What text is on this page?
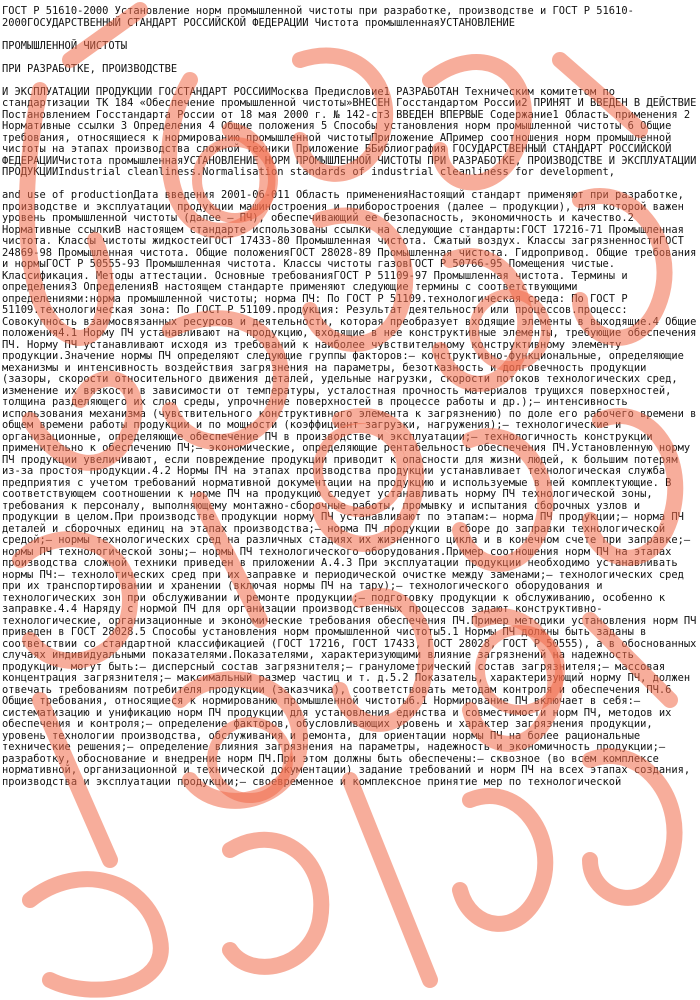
ГОСТ Р 51610-2000 Установление норм промышленной чистоты при разработке, производстве и ГОСТ Р 51610-2000ГОСУДАРСТВЕННЫЙ СТАНДАРТ РОССИЙСКОЙ ФЕДЕРАЦИИ Чистота промышленнаяУСТАНОВЛЕНИЕ

ПРОМЫШЛЕННОЙ ЧИСТОТЫ

ПРИ РАЗРАБОТКЕ, ПРОИЗВОДСТВЕ

И ЭКСПЛУАТАЦИИ ПРОДУКЦИИ ГОССТАНДАРТ РОССИИМосква Предисловие1 РАЗРАБОТАН Техническим комитетом по стандартизации ТК 184 «Обеспечение промышленной чистоты»ВНЕСЕН Госстандартом России2 ПРИНЯТ И ВВЕДЕН В ДЕЙСТВИЕ Постановлением Госстандарта России от 18 мая 2000 г. № 142-ст3 ВВЕДЕН ВПЕРВЫЕ Содержание1 Область применения 2 Нормативные ссылки 3 Определения 4 Общие положения 5 Способы установления норм промышленной чистоты 6 Общие требования, относящиеся к нормированию промышленной чистотыПриложение АПример соотношения норм промышленной чистоты на этапах производства сложной техники Приложение ББиблиография ГОСУДАРСТВЕННЫЙ СТАНДАРТ РОССИЙСКОЙ ФЕДЕРАЦИИЧистота промышленнаяУСТАНОВЛЕНИЕ НОРМ ПРОМЫШЛЕННОЙ ЧИСТОТЫ ПРИ РАЗРАБОТКЕ, ПРОИЗВОДСТВЕ И ЭКСПЛУАТАЦИИ ПРОДУКЦИИIndustrial cleanliness.Normalisation standards of industrial cleanliness for development,

and use of productionДата введения 2001-06-011 Область примененияНастоящий стандарт применяют при разработке, производстве и эксплуатации продукции машиностроения и приборостроения (далее – продукции), для которой важен уровень промышленной чистоты (далее – ПЧ), обеспечивающий ее безопасность, экономичность и качество.2 Нормативные ссылкиВ настоящем стандарте использованы ссылки на следующие стандарты:ГОСТ 17216-71 Промышленная чистота. Классы чистоты жидкостейГОСТ 17433-80 Промышленная чистота. Сжатый воздух. Классы загрязненностиГОСТ 24869-98 Промышленная чистота. Общие положенияГОСТ 28028-89 Промышленная чистота. Гидропривод. Общие требования и нормыГОСТ Р 50555-93 Промышленная чистота. Классы чистоты газовГОСТ Р 50766-95 Помещения чистые. Классификация. Методы аттестации. Основные требованияГОСТ Р 51109-97 Промышленная чистота. Термины и определения3 ОпределенияВ настоящем стандарте применяют следующие термины с соответствующими определениями:норма промышленной чистоты; норма ПЧ: По ГОСТ Р 51109.технологическая среда: По ГОСТ Р 51109.технологическая зона: По ГОСТ Р 51109.продукция: Результат деятельности или процессов.процесс: Совокупность взаимосвязанных ресурсов и деятельности, которая преобразует входящие элементы в выходящие.4 Общие положения4.1 Норму ПЧ устанавливают на продукцию, входящие в нее конструктивные элементы, требующие обеспечения ПЧ. Норму ПЧ устанавливают исходя из требований к наиболее чувствительному конструктивному элементу продукции.Значение нормы ПЧ определяют следующие группы факторов:– конструктивно-функциональные, определяющие механизмы и интенсивность воздействия загрязнения на параметры, безотказность и долговечность продукции (зазоры, скорости относительного движения деталей, удельные нагрузки, скорости потоков технологических сред, изменение их вязкости в зависимости от температуры, усталостная прочность материалов трущихся поверхностей, толщина разделяющего их слоя среды, упрочнение поверхностей в процессе работы и др.);– интенсивность использования механизма (чувствительного конструктивного элемента к загрязнению) по доле его рабочего времени в общем времени работы продукции и по мощности (коэффициент загрузки, нагружения);– технологические и организационные, определяющие обеспечение ПЧ в производстве и эксплуатации;– технологичность конструкции применительно к обеспечению ПЧ;– экономические, определяющие рентабельность обеспечения ПЧ.Установленную норму ПЧ продукции увеличивают, если повреждение продукции приводит к опасности для жизни людей, к большим потерям из-за простоя продукции.4.2 Нормы ПЧ на этапах производства продукции устанавливает технологическая служба предприятия с учетом требований нормативной документации на продукцию и используемые в ней комплектующие. В соответствующем соотношении к норме ПЧ на продукцию следует устанавливать норму ПЧ технологической зоны, требования к персоналу, выполняющему монтажно-сборочные работы, промывку и испытания сборочных узлов и продукции в целом.При производстве продукции норму ПЧ устанавливают по этапам:– норма ПЧ продукции;– норма ПЧ деталей и сборочных единиц на этапах производства;– норма ПЧ продукции в сборе до заправки технологической средой;– нормы технологических сред на различных стадиях их жизненного цикла и в конечном счете при заправке;– нормы ПЧ технологической зоны;– нормы ПЧ технологического оборудования.Пример соотношения норм ПЧ на этапах производства сложной техники приведен в приложении А.4.3 При эксплуатации продукции необходимо устанавливать нормы ПЧ:– технологических сред при их заправке и периодической очистке между заменами;– технологических сред при их транспортировании и хранении (включая нормы ПЧ на тару);– технологического оборудования и технологических зон при обслуживании и ремонте продукции;– подготовку продукции к обслуживанию, особенно к заправке.4.4 Наряду с нормой ПЧ для организации производственных процессов задают конструктивно-технологические, организационные и экономические требования обеспечения ПЧ.Пример методики установления норм ПЧ приведен в ГОСТ 28028.5 Способы установления норм промышленной чистоты5.1 Нормы ПЧ должны быть заданы в соответствии со стандартной классификацией (ГОСТ 17216, ГОСТ 17433, ГОСТ 28028, ГОСТ Р 50555), а в обоснованных случаях индивидуальными показателями.Показателями, характеризующими влияние загрязнений на надежность продукции, могут быть:– дисперсный состав загрязнителя;– гранулометрический состав загрязнителя;– массовая концентрация загрязнителя;– максимальный размер частиц и т. д.5.2 Показатель, характеризующий норму ПЧ, должен отвечать требованиям потребителя продукции (заказчика), соответствовать методам контроля и обеспечения ПЧ.6 Общие требования, относящиеся к нормированию промышленной чистоты6.1 Нормирование ПЧ включает в себя:– систематизацию и унификацию норм ПЧ продукции для установления единства и совместимости норм ПЧ, методов их обеспечения и контроля;– определение факторов, обусловливающих уровень и характер загрязнения продукции, уровень технологии производства, обслуживания и ремонта, для ориентации нормы ПЧ на более рациональные технические решения;– определение влияния загрязнения на параметры, надежность и экономичность продукции;– разработку, обоснование и внедрение норм ПЧ.При этом должны быть обеспечены:– сквозное (во всем комплексе нормативной, организационной и технической документации) задание требований и норм ПЧ на всех этапах создания, производства и эксплуатации продукции;– своевременное и комплексное принятие мер по технологической
